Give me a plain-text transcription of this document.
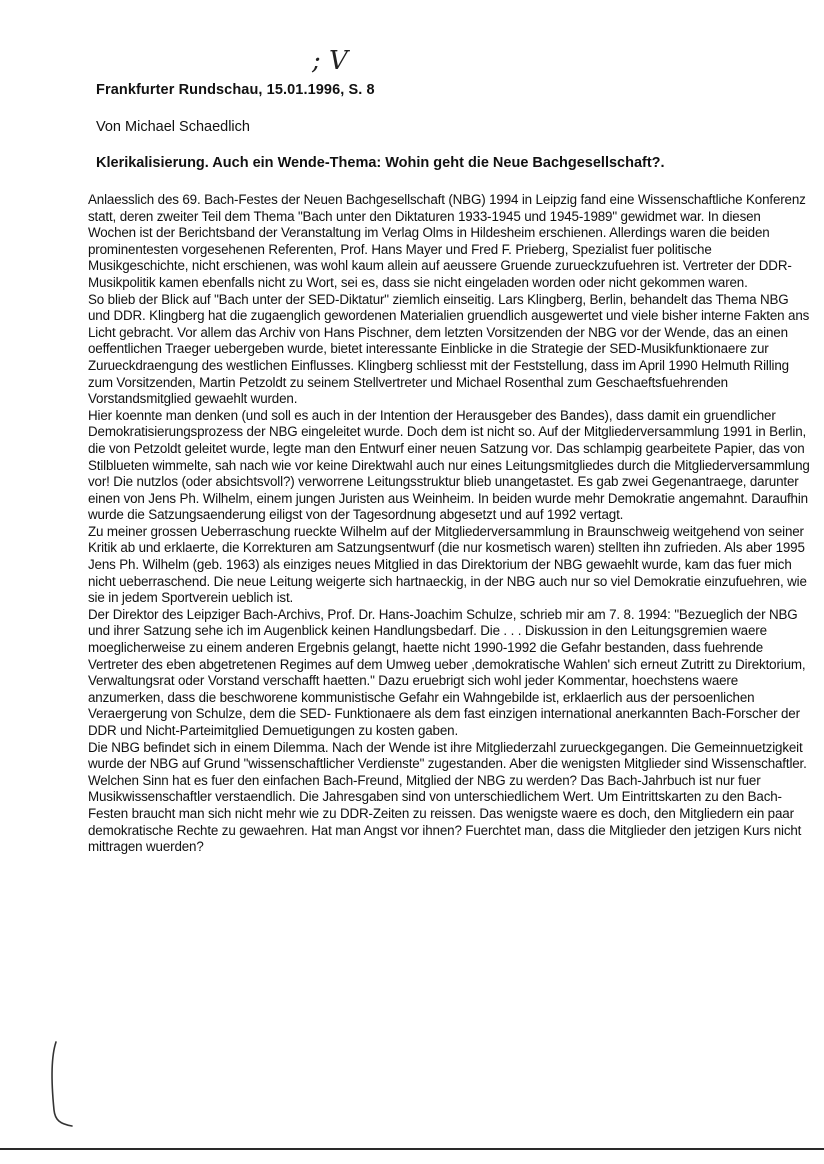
; V
Frankfurter Rundschau, 15.01.1996, S. 8
Von Michael Schaedlich
Klerikalisierung. Auch ein Wende-Thema: Wohin geht die Neue Bachgesellschaft?.

Anlaesslich des 69. Bach-Festes der Neuen Bachgesellschaft (NBG) 1994 in Leipzig fand eine Wissenschaftliche Konferenz statt, deren zweiter Teil dem Thema "Bach unter den Diktaturen 1933-1945 und 1945-1989" gewidmet war. In diesen Wochen ist der Berichtsband der Veranstaltung im Verlag Olms in Hildesheim erschienen. Allerdings waren die beiden prominentesten vorgesehenen Referenten, Prof. Hans Mayer und Fred F. Prieberg, Spezialist fuer politische Musikgeschichte, nicht erschienen, was wohl kaum allein auf aeussere Gruende zurueckzufuehren ist. Vertreter der DDR-Musikpolitik kamen ebenfalls nicht zu Wort, sei es, dass sie nicht eingeladen worden oder nicht gekommen waren.

So blieb der Blick auf "Bach unter der SED-Diktatur" ziemlich einseitig. Lars Klingberg, Berlin, behandelt das Thema NBG und DDR. Klingberg hat die zugaenglich gewordenen Materialien gruendlich ausgewertet und viele bisher interne Fakten ans Licht gebracht. Vor allem das Archiv von Hans Pischner, dem letzten Vorsitzenden der NBG vor der Wende, das an einen oeffentlichen Traeger uebergeben wurde, bietet interessante Einblicke in die Strategie der SED-Musikfunktionaere zur Zurueckdraengung des westlichen Einflusses. Klingberg schliesst mit der Feststellung, dass im April 1990 Helmuth Rilling zum Vorsitzenden, Martin Petzoldt zu seinem Stellvertreter und Michael Rosenthal zum Geschaeftsfuehrenden Vorstandsmitglied gewaehlt wurden.

Hier koennte man denken (und soll es auch in der Intention der Herausgeber des Bandes), dass damit ein gruendlicher Demokratisierungsprozess der NBG eingeleitet wurde. Doch dem ist nicht so. Auf der Mitgliederversammlung 1991 in Berlin, die von Petzoldt geleitet wurde, legte man den Entwurf einer neuen Satzung vor. Das schlampig gearbeitete Papier, das von Stilblueten wimmelte, sah nach wie vor keine Direktwahl auch nur eines Leitungsmitgliedes durch die Mitgliederversammlung vor! Die nutzlos (oder absichtsvoll?) verworrene Leitungsstruktur blieb unangetastet. Es gab zwei Gegenantraege, darunter einen von Jens Ph. Wilhelm, einem jungen Juristen aus Weinheim. In beiden wurde mehr Demokratie angemahnt. Daraufhin wurde die Satzungsaenderung eiligst von der Tagesordnung abgesetzt und auf 1992 vertagt.

Zu meiner grossen Ueberraschung rueckte Wilhelm auf der Mitgliederversammlung in Braunschweig weitgehend von seiner Kritik ab und erklaerte, die Korrekturen am Satzungsentwurf (die nur kosmetisch waren) stellten ihn zufrieden. Als aber 1995 Jens Ph. Wilhelm (geb. 1963) als einziges neues Mitglied in das Direktorium der NBG gewaehlt wurde, kam das fuer mich nicht ueberraschend. Die neue Leitung weigerte sich hartnaeckig, in der NBG auch nur so viel Demokratie einzufuehren, wie sie in jedem Sportverein ueblich ist.

Der Direktor des Leipziger Bach-Archivs, Prof. Dr. Hans-Joachim Schulze, schrieb mir am 7. 8. 1994: "Bezueglich der NBG und ihrer Satzung sehe ich im Augenblick keinen Handlungsbedarf. Die . . . Diskussion in den Leitungsgremien waere moeglicherweise zu einem anderen Ergebnis gelangt, haette nicht 1990-1992 die Gefahr bestanden, dass fuehrende Vertreter des eben abgetretenen Regimes auf dem Umweg ueber ,demokratische Wahlen' sich erneut Zutritt zu Direktorium, Verwaltungsrat oder Vorstand verschafft haetten." Dazu eruebrigt sich wohl jeder Kommentar, hoechstens waere anzumerken, dass die beschworene kommunistische Gefahr ein Wahngebilde ist, erklaerlich aus der persoenlichen Veraergerung von Schulze, dem die SED- Funktionaere als dem fast einzigen international anerkannten Bach-Forscher der DDR und Nicht-Parteimitglied Demuetigungen zu kosten gaben.

Die NBG befindet sich in einem Dilemma. Nach der Wende ist ihre Mitgliederzahl zurueckgegangen. Die Gemeinnuetzigkeit wurde der NBG auf Grund "wissenschaftlicher Verdienste" zugestanden. Aber die wenigsten Mitglieder sind Wissenschaftler. Welchen Sinn hat es fuer den einfachen Bach-Freund, Mitglied der NBG zu werden? Das Bach-Jahrbuch ist nur fuer Musikwissenschaftler verstaendlich. Die Jahresgaben sind von unterschiedlichem Wert. Um Eintrittskarten zu den Bach-Festen braucht man sich nicht mehr wie zu DDR-Zeiten zu reissen. Das wenigste waere es doch, den Mitgliedern ein paar demokratische Rechte zu gewaehren. Hat man Angst vor ihnen? Fuerchtet man, dass die Mitglieder den jetzigen Kurs nicht mittragen wuerden?
